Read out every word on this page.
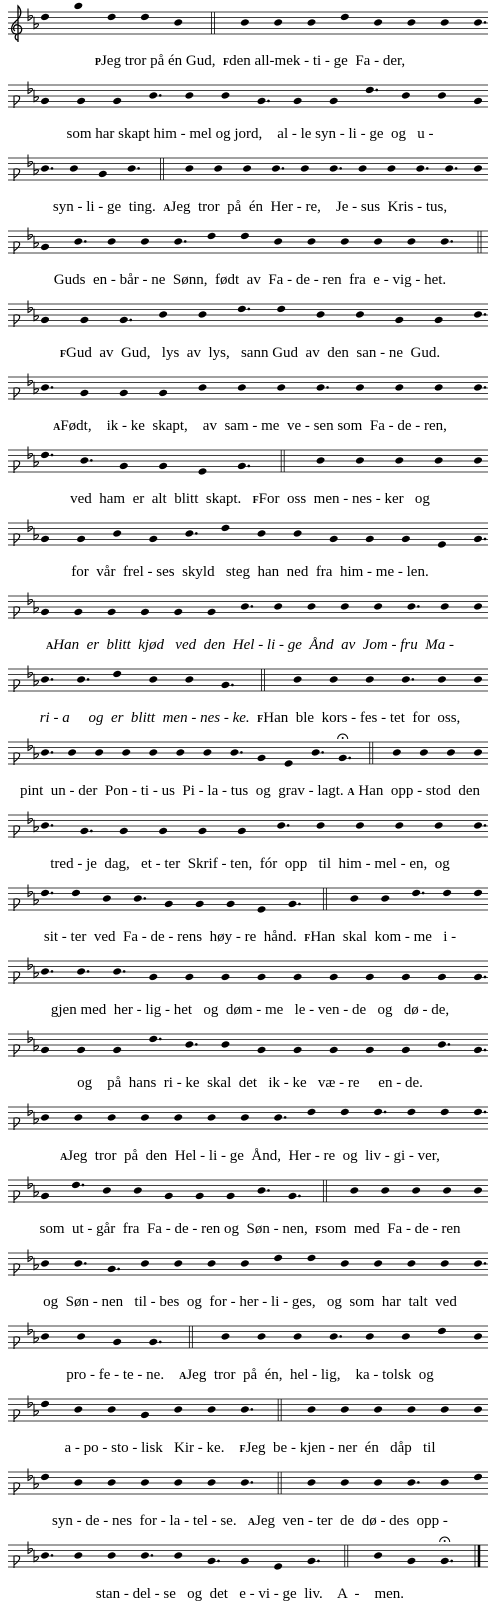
PJeg tror på én Gud,  Fden all-mek - ti - ge  Fa - der,
som har skapt him - mel og jord,    al - le syn - li - ge  og   u -
syn - li - ge  ting.  AJeg  tror  på  én  Her - re,    Je - sus  Kris - tus,
Guds  en - bår - ne  Sønn,  født  av  Fa - de - ren  fra  e - vig - het.
FGud  av  Gud,   lys  av  lys,   sann Gud  av  den  san - ne  Gud.
AFødt,    ik - ke  skapt,    av  sam - me  ve - sen som  Fa - de - ren,
ved  ham  er  alt  blitt  skapt.   FFor  oss  men - nes - ker   og
for  vår  frel - ses  skyld   steg  han  ned  fra  him - me - len.
AHan  er  blitt  kjød   ved  den  Hel - li - ge  Ånd  av  Jom - fru  Ma -
ri - a     og  er  blitt  men - nes - ke. FHan  ble  kors - fes - tet  for  oss,
pint  un - der  Pon - ti - us  Pi - la - tus  og  grav - lagt. A Han  opp - stod  den
tred - je  dag,   et - ter  Skrif - ten,  fór  opp   til  him - mel - en,  og
sit - ter  ved  Fa - de - rens  høy - re  hånd.  FHan  skal  kom - me   i -
gjen med  her - lig - het   og  døm - me   le - ven - de   og   dø - de,
og    på  hans  ri - ke  skal  det   ik - ke   væ - re     en - de.
AJeg  tror  på  den  Hel - li - ge  Ånd,  Her - re  og  liv - gi - ver,
som  ut - går  fra  Fa - de - ren og  Søn - nen,  Fsom  med  Fa - de - ren
og  Søn - nen   til - bes  og  for - her - li - ges,   og  som  har  talt  ved
pro - fe - te - ne.    AJeg  tror  på  én,  hel - lig,    ka - tolsk  og
a - po - sto - lisk   Kir - ke.    FJeg  be - kjen - ner  én   dåp   til
syn - de - nes  for - la - tel - se.   AJeg  ven - ter  de  dø - des  opp -
stan - del - se   og  det   e - vi - ge  liv.    A  -    men.
